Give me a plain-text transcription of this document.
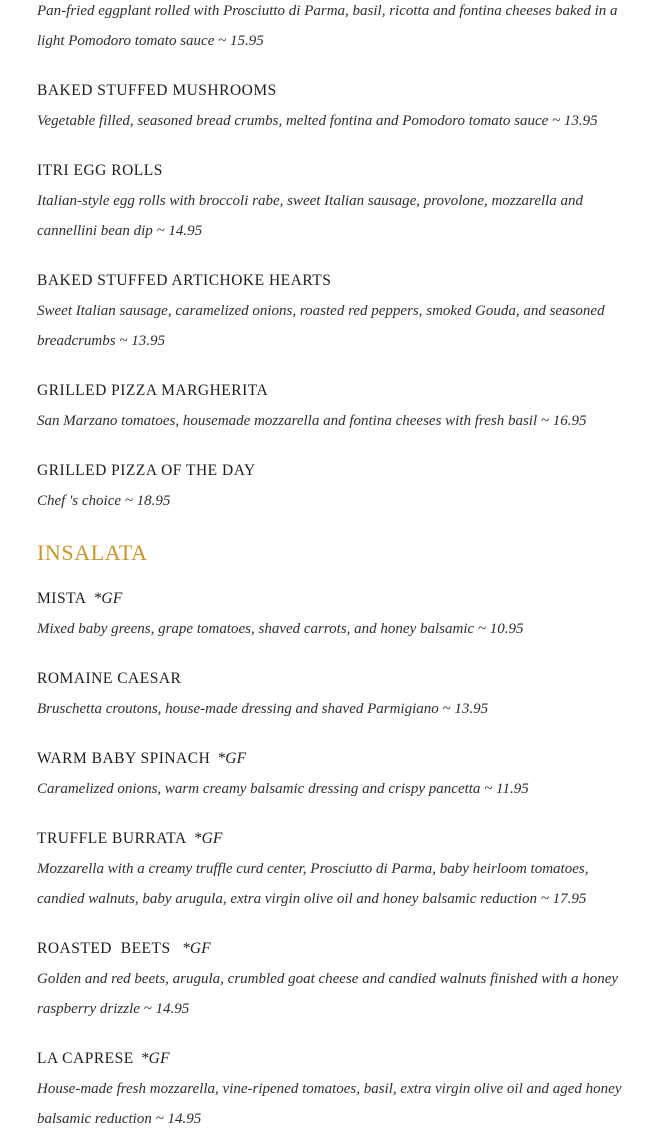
Pan-fried eggplant rolled with Prosciutto di Parma, basil, ricotta and fontina cheeses baked in a light Pomodoro tomato sauce ~ 15.95

BAKED STUFFED MUSHROOMS

Vegetable filled, seasoned bread crumbs, melted fontina and Pomodoro tomato sauce ~ 13.95

ITRI EGG ROLLS

Italian-style egg rolls with broccoli rabe, sweet Italian sausage, provolone, mozzarella and cannellini bean dip ~ 14.95

BAKED STUFFED ARTICHOKE HEARTS

Sweet Italian sausage, caramelized onions, roasted red peppers, smoked Gouda, and seasoned breadcrumbs ~ 13.95

GRILLED PIZZA MARGHERITA

San Marzano tomatoes, housemade mozzarella and fontina cheeses with fresh basil ~ 16.95

GRILLED PIZZA OF THE DAY

Chef 's choice ~ 18.95

INSALATA
MISTA *GF

Mixed baby greens, grape tomatoes, shaved carrots, and honey balsamic ~ 10.95

ROMAINE CAESAR

Bruschetta croutons, house-made dressing and shaved Parmigiano ~ 13.95

WARM BABY SPINACH *GF

Caramelized onions, warm creamy balsamic dressing and crispy pancetta ~ 11.95

TRUFFLE BURRATA *GF

Mozzarella with a creamy truffle curd center, Prosciutto di Parma, baby heirloom tomatoes, candied walnuts, baby arugula, extra virgin olive oil and honey balsamic reduction ~ 17.95

ROASTED  BEETS *GF

Golden and red beets, arugula, crumbled goat cheese and candied walnuts finished with a honey raspberry drizzle ~ 14.95

LA CAPRESE *GF

House-made fresh mozzarella, vine-ripened tomatoes, basil, extra virgin olive oil and aged honey balsamic reduction ~ 14.95
